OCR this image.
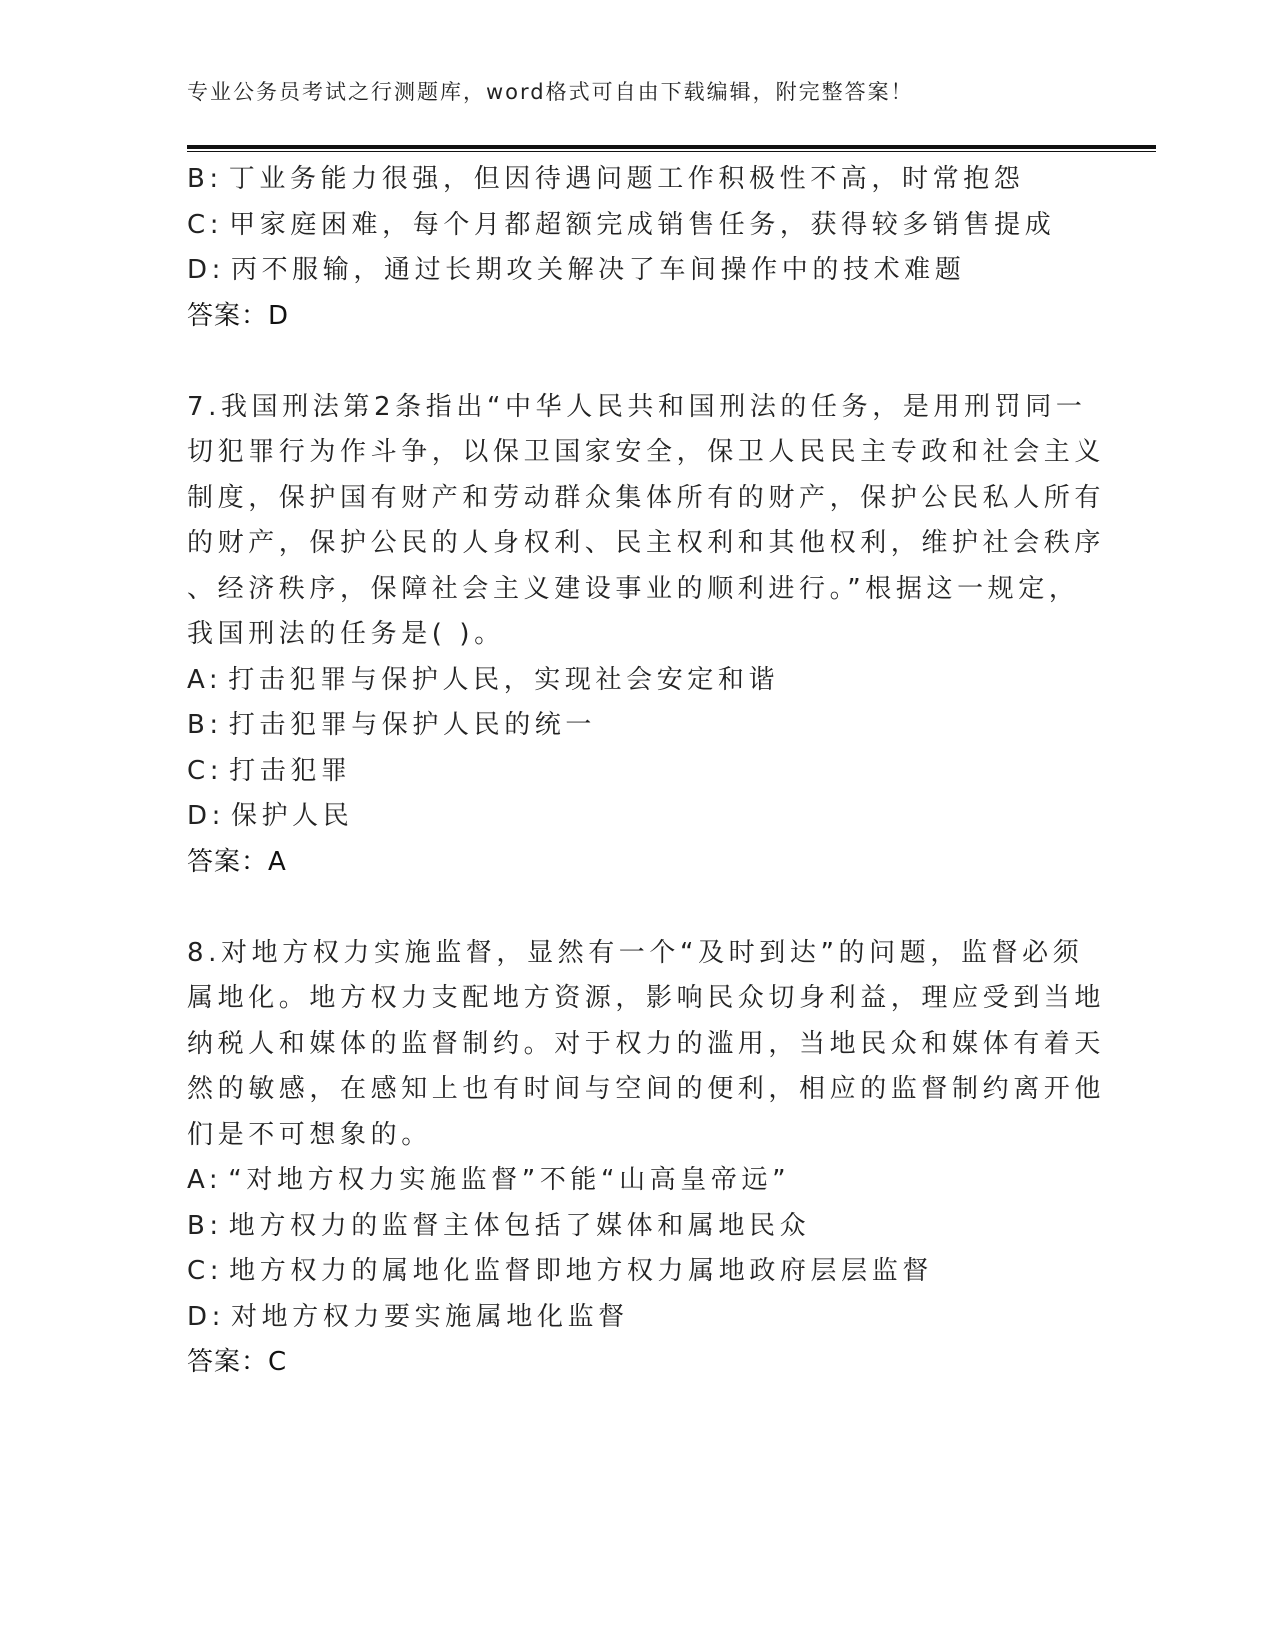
专业公务员考试之行测题库，word格式可自由下载编辑，附完整答案！
B: 丁业务能力很强，但因待遇问题工作积极性不高，时常抱怨
C: 甲家庭困难，每个月都超额完成销售任务，获得较多销售提成
D: 丙不服输，通过长期攻关解决了车间操作中的技术难题
答案：D
7.我国刑法第2条指出“中华人民共和国刑法的任务，是用刑罚同一
切犯罪行为作斗争，以保卫国家安全，保卫人民民主专政和社会主义
制度，保护国有财产和劳动群众集体所有的财产，保护公民私人所有
的财产，保护公民的人身权利、民主权利和其他权利，维护社会秩序
、经济秩序，保障社会主义建设事业的顺利进行。”根据这一规定，
我国刑法的任务是( )。
A: 打击犯罪与保护人民，实现社会安定和谐
B: 打击犯罪与保护人民的统一
C: 打击犯罪
D: 保护人民
答案：A
8.对地方权力实施监督，显然有一个“及时到达”的问题，监督必须
属地化。地方权力支配地方资源，影响民众切身利益，理应受到当地
纳税人和媒体的监督制约。对于权力的滥用，当地民众和媒体有着天
然的敏感，在感知上也有时间与空间的便利，相应的监督制约离开他
们是不可想象的。
A: “对地方权力实施监督”不能“山高皇帝远”
B: 地方权力的监督主体包括了媒体和属地民众
C: 地方权力的属地化监督即地方权力属地政府层层监督
D: 对地方权力要实施属地化监督
答案：C
